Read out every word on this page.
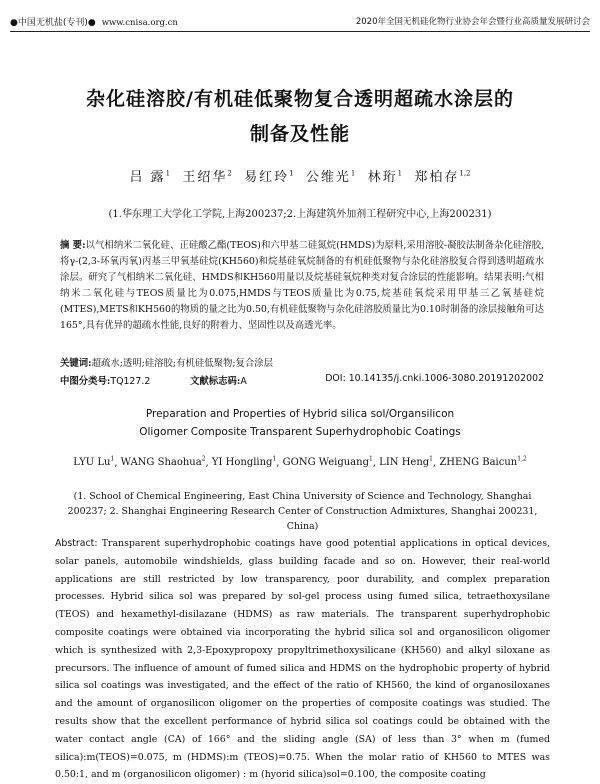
●中国无机盐(专刊)● www.cnisa.org.cn	2020年全国无机硅化物行业协会年会暨行业高质量发展研讨会
杂化硅溶胶/有机硅低聚物复合透明超疏水涂层的
制备及性能
吕 露$^1$ 王绍华$^2$ 易红玲$^1$ 公维光$^1$ 林珩$^1$ 郑柏存$^{1,2}$
(1.华东理工大学化工学院,上海200237;2.上海建筑外加剂工程研究中心,上海200231)
摘 要:以气相纳米二氧化硅、正硅酸乙酯(TEOS)和六甲基二硅氮烷(HMDS)为原料,采用溶胶-凝胶法制备杂化硅溶胶,将γ-(2,3-环氧丙氧)丙基三甲氧基硅烷(KH560)和烷基硅氧烷制备的有机硅低聚物与杂化硅溶胶复合得到透明超疏水涂层。研究了气相纳米二氧化硅、HMDS和KH560用量以及烷基硅氧烷种类对复合涂层的性能影响。结果表明:气相纳米二氧化硅与TEOS质量比为0.075,HMDS与TEOS质量比为0.75,烷基硅氧烷采用甲基三乙氧基硅烷(MTES),METS和KH560的物质的量之比为0.50,有机硅低聚物与杂化硅溶胶质量比为0.10时制备的涂层接触角可达165°,具有优异的超疏水性能,良好的附着力、坚固性以及高透光率。
关键词:超疏水;透明;硅溶胶;有机硅低聚物;复合涂层
中图分类号:TQ127.2	文献标志码:A	DOI: 10.14135/j.cnki.1006-3080.20191202002
Preparation and Properties of Hybrid silica sol/Organsilicon
Oligomer Composite Transparent Superhydrophobic Coatings
LYU Lu$^1$, WANG Shaohua$^2$, YI Hongling$^1$, GONG Weiguang$^1$, LIN Heng$^1$, ZHENG Baicun$^{1,2}$
(1. School of Chemical Engineering, East China University of Science and Technology, Shanghai 200237; 2. Shanghai Engineering Research Center of Construction Admixtures, Shanghai 200231, China)
Abstract: Transparent superhydrophobic coatings have good potential applications in optical devices, solar panels, automobile windshields, glass building facade and so on. However, their real-world applications are still restricted by low transparency, poor durability, and complex preparation processes. Hybrid silica sol was prepared by sol-gel process using fumed silica, tetraethoxysilane (TEOS) and hexamethyl-disilazane (HDMS) as raw materials. The transparent superhydrophobic composite coatings were obtained via incorporating the hybrid silica sol and organosilicon oligomer which is synthesized with 2,3-Epoxypropoxy propyltrimethoxysilicane (KH560) and alkyl siloxane as precursors. The influence of amount of fumed silica and HDMS on the hydrophobic property of hybrid silica sol coatings was investigated, and the effect of the ratio of KH560, the kind of organosiloxanes and the amount of organosilicon oligomer on the properties of composite coatings was studied. The results show that the excellent performance of hybrid silica sol coatings could be obtained with the water contact angle (CA) of 166° and the sliding angle (SA) of less than 3° when m (fumed silica):m(TEOS)=0.075, m (HDMS):m (TEOS)=0.75. When the molar ratio of KH560 to MTES was 0.50:1, and m (organosilicon oligomer) : m (hyorid silica)sol=0.100, the composite coating
